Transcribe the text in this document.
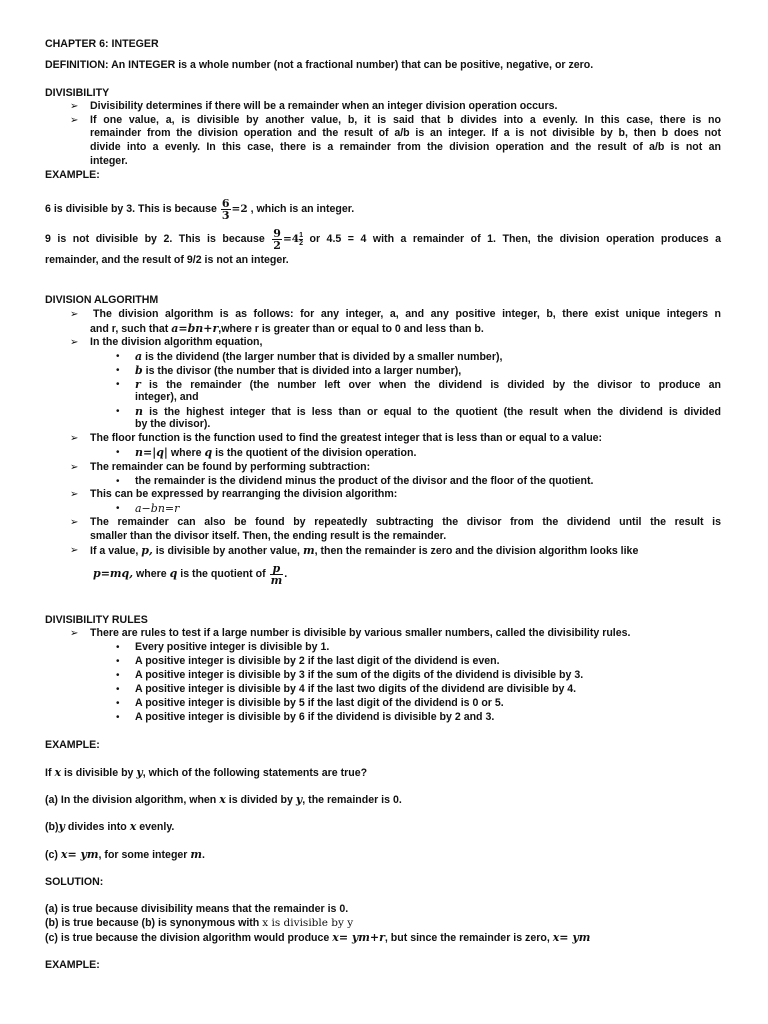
CHAPTER 6: INTEGER
DEFINITION: An INTEGER is a whole number (not a fractional number) that can be positive, negative, or zero.
DIVISIBILITY
➢ Divisibility determines if there will be a remainder when an integer division operation occurs.
➢ If one value, a, is divisible by another value, b, it is said that b divides into a evenly. In this case, there is no
remainder from the division operation and the result of a/b is an integer. If a is not divisible by b, then b does not
divide into a evenly. In this case, there is a remainder from the division operation and the result of a/b is not an
integer.
EXAMPLE:
6 is divisible by 3. This is because $\frac{6}{3} =2$ , which is an integer.
9 is not divisible by 2. This is because $\frac{9}{2} =4 \frac{1}{2}$ or 4.5 = 4 with a remainder of 1. Then, the division operation produces a
remainder, and the result of 9/2 is not an integer.
DIVISION ALGORITHM
➢ The division algorithm is as follows: for any integer, a, and any positive integer, b, there exist unique integers n
and r, such that a=bn+r,where r is greater than or equal to 0 and less than b.
➢ In the division algorithm equation,
• a is the dividend (the larger number that is divided by a smaller number),
• b is the divisor (the number that is divided into a larger number),
• r is the remainder (the number left over when the dividend is divided by the divisor to produce an
integer), and
• n is the highest integer that is less than or equal to the quotient (the result when the dividend is divided
by the divisor).
➢ The floor function is the function used to find the greatest integer that is less than or equal to a value:
• n=|q| where q is the quotient of the division operation.
➢ The remainder can be found by performing subtraction:
• the remainder is the dividend minus the product of the divisor and the floor of the quotient.
➢ This can be expressed by rearranging the division algorithm:
• a−bn=r
➢ The remainder can also be found by repeatedly subtracting the divisor from the dividend until the result is
smaller than the divisor itself. Then, the ending result is the remainder.
➢ If a value, p, is divisible by another value, m, then the remainder is zero and the division algorithm looks like
p=mq, where q is the quotient of $\frac{p}{m}$ .
DIVISIBILITY RULES
➢ There are rules to test if a large number is divisible by various smaller numbers, called the divisibility rules.
• Every positive integer is divisible by 1.
• A positive integer is divisible by 2 if the last digit of the dividend is even.
• A positive integer is divisible by 3 if the sum of the digits of the dividend is divisible by 3.
• A positive integer is divisible by 4 if the last two digits of the dividend are divisible by 4.
• A positive integer is divisible by 5 if the last digit of the dividend is 0 or 5.
• A positive integer is divisible by 6 if the dividend is divisible by 2 and 3.
EXAMPLE:
If x is divisible by y, which of the following statements are true?
(a) In the division algorithm, when x is divided by y, the remainder is 0.
(b)y divides into x evenly.
(c) x= ym, for some integer m.
SOLUTION:
(a) is true because divisibility means that the remainder is 0.
(b) is true because (b) is synonymous with x is divisible by y
(c) is true because the division algorithm would produce x= ym+r, but since the remainder is zero, x= ym
EXAMPLE:
